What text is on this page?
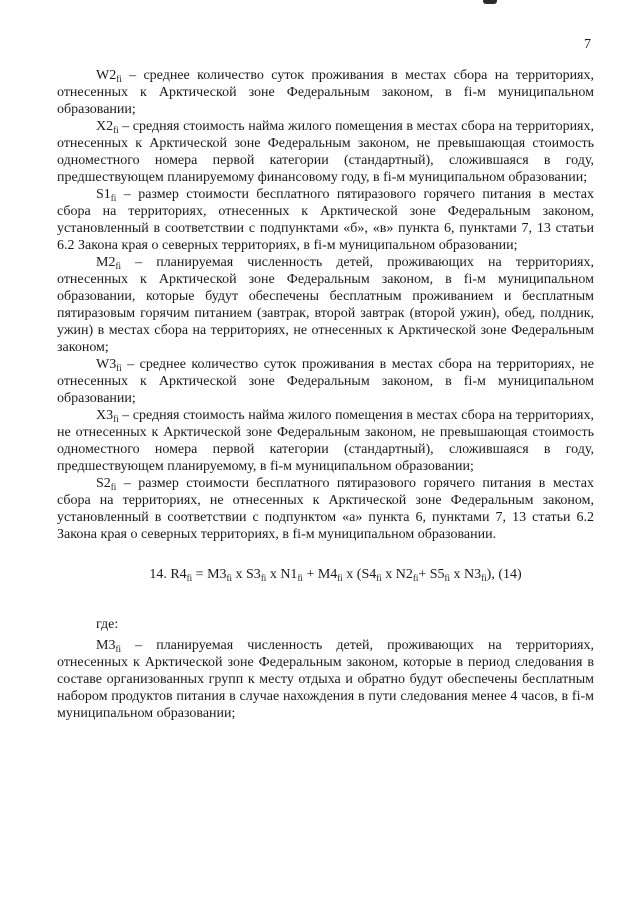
7

$W2_{fi}$ – среднее количество суток проживания в местах сбора на территориях, отнесенных к Арктической зоне Федеральным законом, в fi-м муниципальном образовании;

$X2_{fi}$ – средняя стоимость найма жилого помещения в местах сбора на территориях, отнесенных к Арктической зоне Федеральным законом, не превышающая стоимость одноместного номера первой категории (стандартный), сложившаяся в году, предшествующем планируемому финансовому году, в fi-м муниципальном образовании;

$S1_{fi}$ – размер стоимости бесплатного пятиразового горячего питания в местах сбора на территориях, отнесенных к Арктической зоне Федеральным законом, установленный в соответствии с подпунктами «б», «в» пункта 6, пунктами 7, 13 статьи 6.2 Закона края о северных территориях, в fi-м муниципальном образовании;

$M2_{fi}$ – планируемая численность детей, проживающих на территориях, отнесенных к Арктической зоне Федеральным законом, в fi-м муниципальном образовании, которые будут обеспечены бесплатным проживанием и бесплатным пятиразовым горячим питанием (завтрак, второй завтрак (второй ужин), обед, полдник, ужин) в местах сбора на территориях, не отнесенных к Арктической зоне Федеральным законом;

$W3_{fi}$ – среднее количество суток проживания в местах сбора на территориях, не отнесенных к Арктической зоне Федеральным законом, в fi-м муниципальном образовании;

$X3_{fi}$ – средняя стоимость найма жилого помещения в местах сбора на территориях, не отнесенных к Арктической зоне Федеральным законом, не превышающая стоимость одноместного номера первой категории (стандартный), сложившаяся в году, предшествующем планируемому, в fi-м муниципальном образовании;

$S2_{fi}$ – размер стоимости бесплатного пятиразового горячего питания в местах сбора на территориях, не отнесенных к Арктической зоне Федеральным законом, установленный в соответствии с подпунктом «а» пункта 6, пунктами 7, 13 статьи 6.2 Закона края о северных территориях, в fi-м муниципальном образовании.

14. $R4_{fi} = M3_{fi}$ x $S3_{fi}$ x $N1_{fi} + M4_{fi}$ x ($S4_{fi}$ x $N2_{fi}+ S5_{fi}$ x $N3_{fi}$), (14)

где:

$M3_{fi}$ – планируемая численность детей, проживающих на территориях, отнесенных к Арктической зоне Федеральным законом, которые в период следования в составе организованных групп к месту отдыха и обратно будут обеспечены бесплатным набором продуктов питания в случае нахождения в пути следования менее 4 часов, в fi-м муниципальном образовании;
